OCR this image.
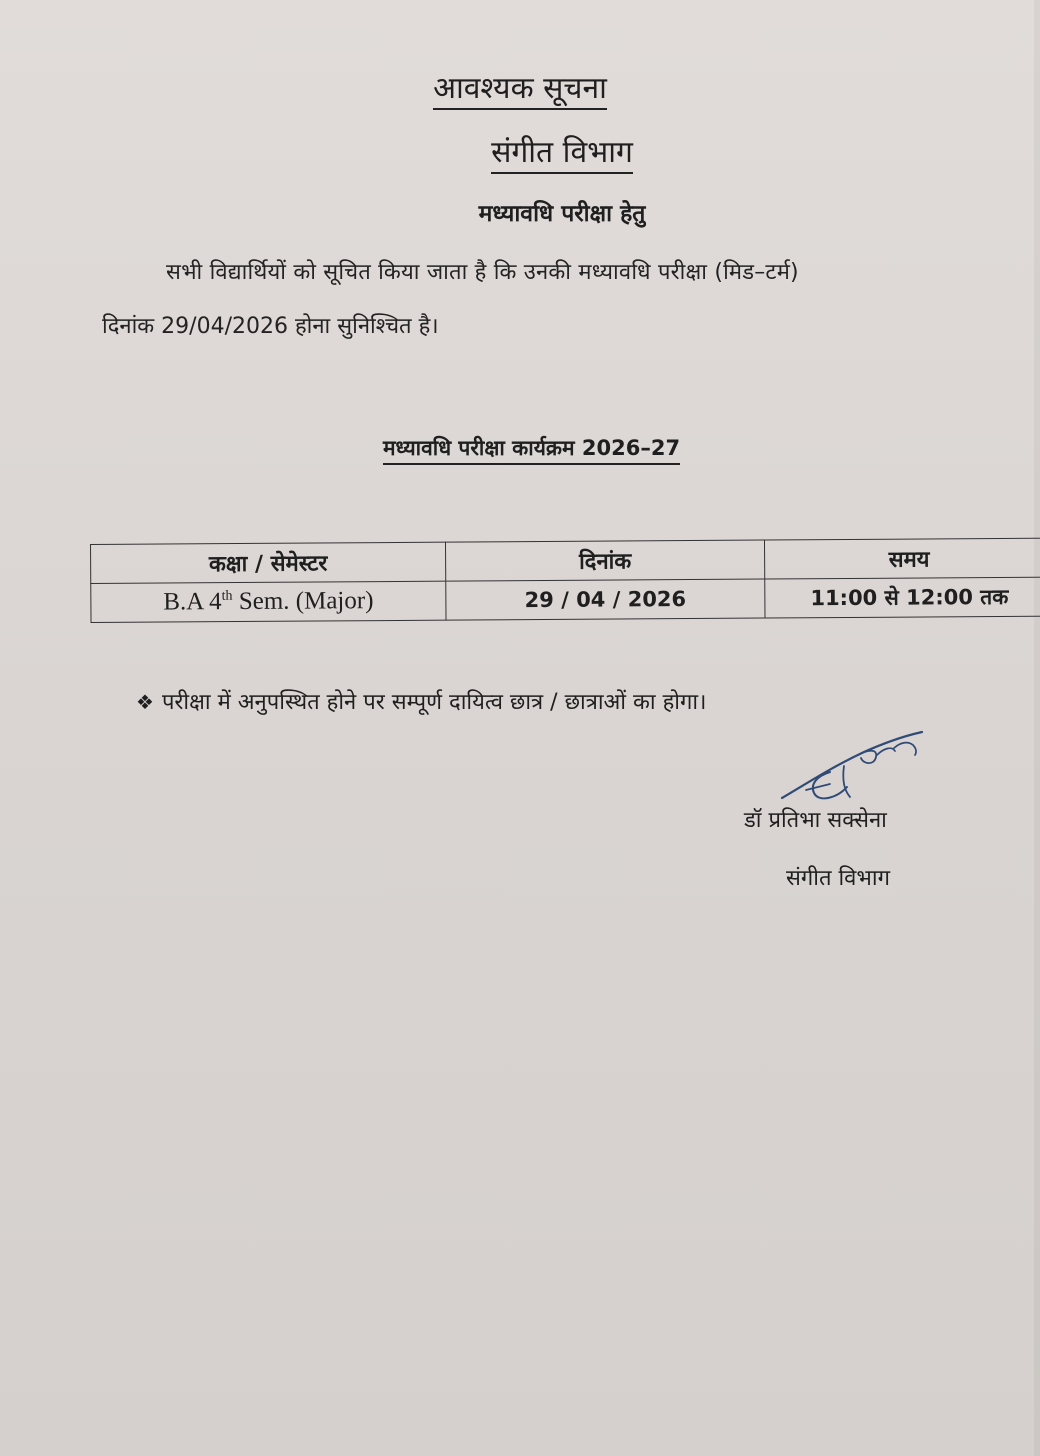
आवश्यक सूचना
संगीत विभाग
मध्यावधि परीक्षा हेतु
सभी विद्यार्थियों को सूचित किया जाता है कि उनकी मध्यावधि परीक्षा (मिड–टर्म)
दिनांक 29/04/2026 होना सुनिश्चित है।
मध्यावधि परीक्षा कार्यक्रम 2026–27
कक्षा / सेमेस्टर	दिनांक	समय
B.A 4th Sem. (Major)	29 / 04 / 2026	11:00 से 12:00 तक
❖ परीक्षा में अनुपस्थित होने पर सम्पूर्ण दायित्व छात्र / छात्राओं का होगा।
डॉ प्रतिभा सक्सेना
संगीत विभाग
